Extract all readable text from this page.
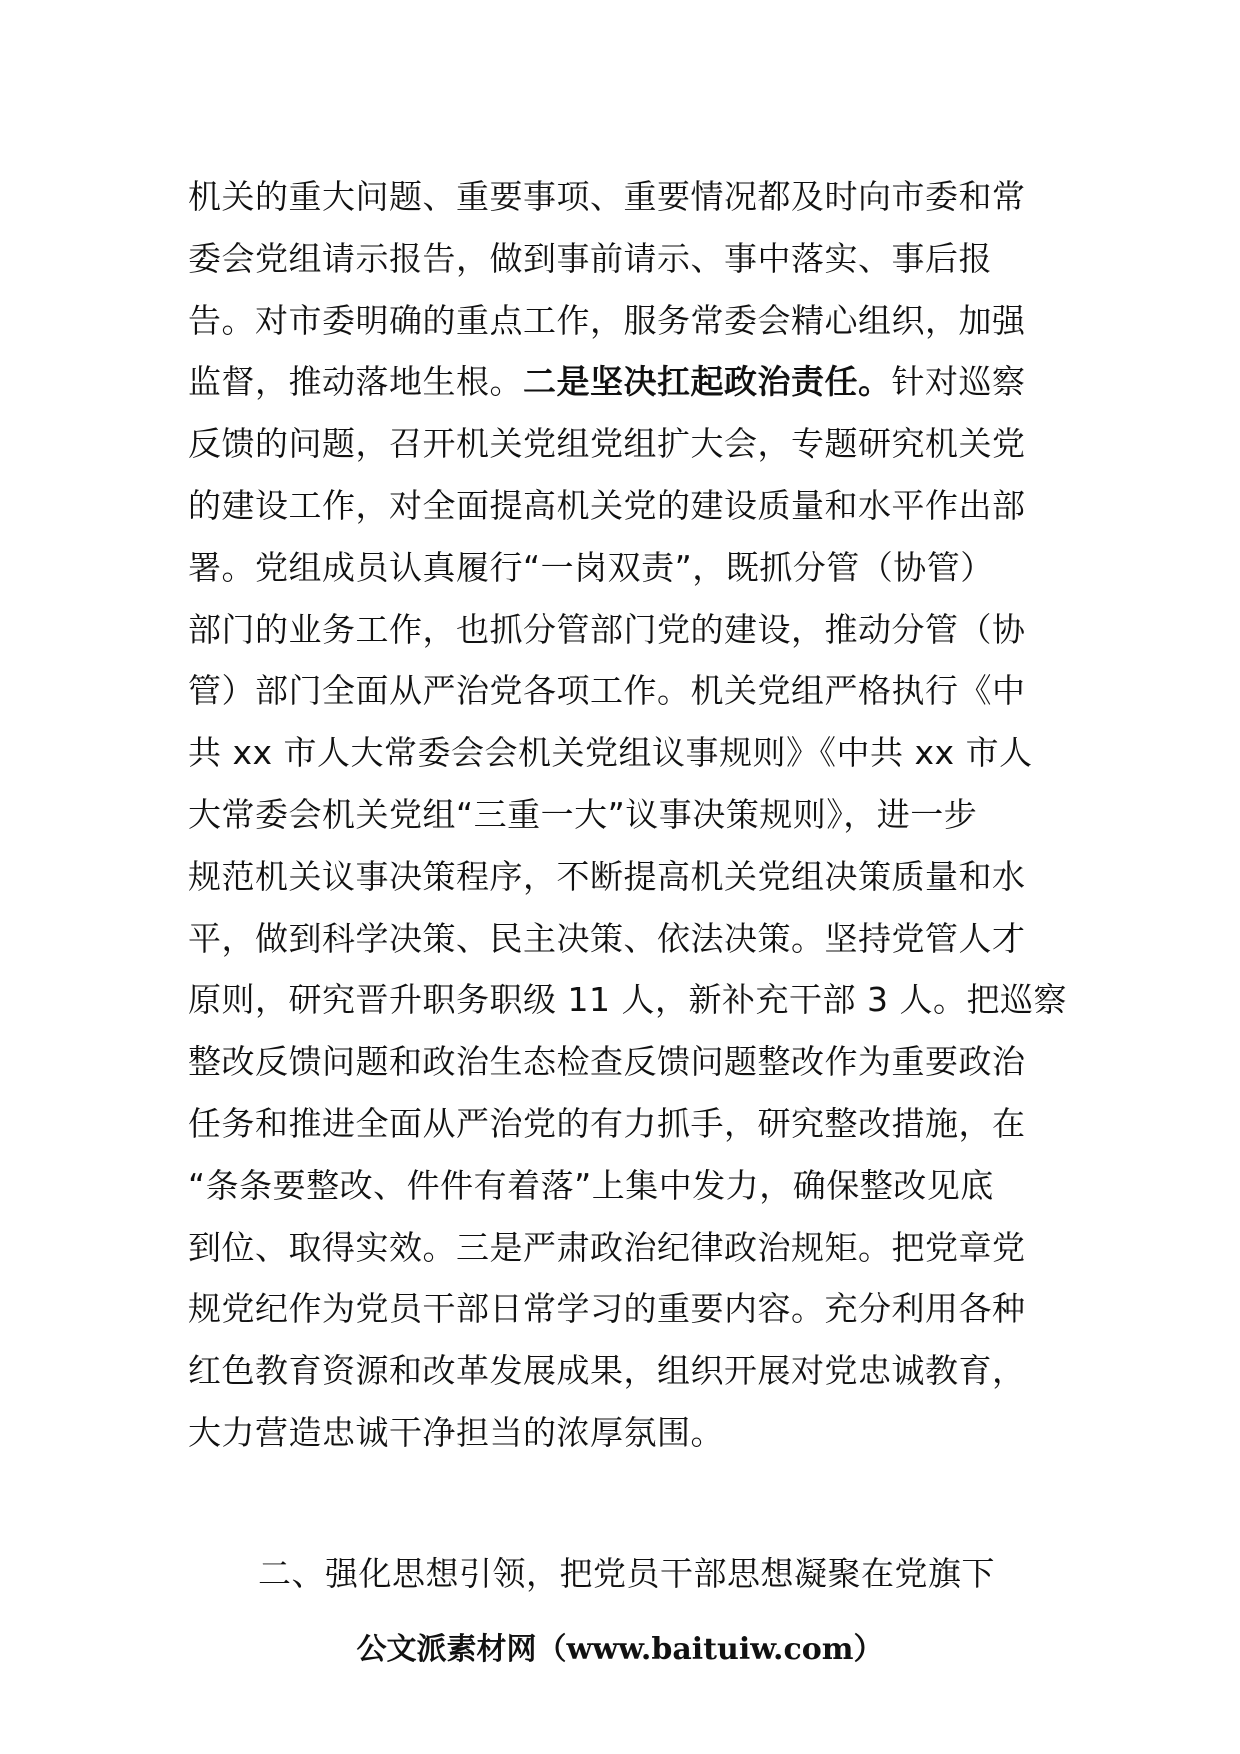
机关的重大问题、重要事项、重要情况都及时向市委和常
委会党组请示报告，做到事前请示、事中落实、事后报
告。对市委明确的重点工作，服务常委会精心组织，加强
监督，推动落地生根。二是坚决扛起政治责任。针对巡察
反馈的问题，召开机关党组党组扩大会，专题研究机关党
的建设工作，对全面提高机关党的建设质量和水平作出部
署。党组成员认真履行“一岗双责”，既抓分管（协管）
部门的业务工作，也抓分管部门党的建设，推动分管（协
管）部门全面从严治党各项工作。机关党组严格执行《中
共 xx 市人大常委会会机关党组议事规则》《中共 xx 市人
大常委会机关党组“三重一大”议事决策规则》，进一步
规范机关议事决策程序，不断提高机关党组决策质量和水
平，做到科学决策、民主决策、依法决策。坚持党管人才
原则，研究晋升职务职级 11 人，新补充干部 3 人。把巡察
整改反馈问题和政治生态检查反馈问题整改作为重要政治
任务和推进全面从严治党的有力抓手，研究整改措施，在
“条条要整改、件件有着落”上集中发力，确保整改见底
到位、取得实效。三是严肃政治纪律政治规矩。把党章党
规党纪作为党员干部日常学习的重要内容。充分利用各种
红色教育资源和改革发展成果，组织开展对党忠诚教育，
大力营造忠诚干净担当的浓厚氛围。

二、强化思想引领，把党员干部思想凝聚在党旗下

公文派素材网（www.baituiw.com）
